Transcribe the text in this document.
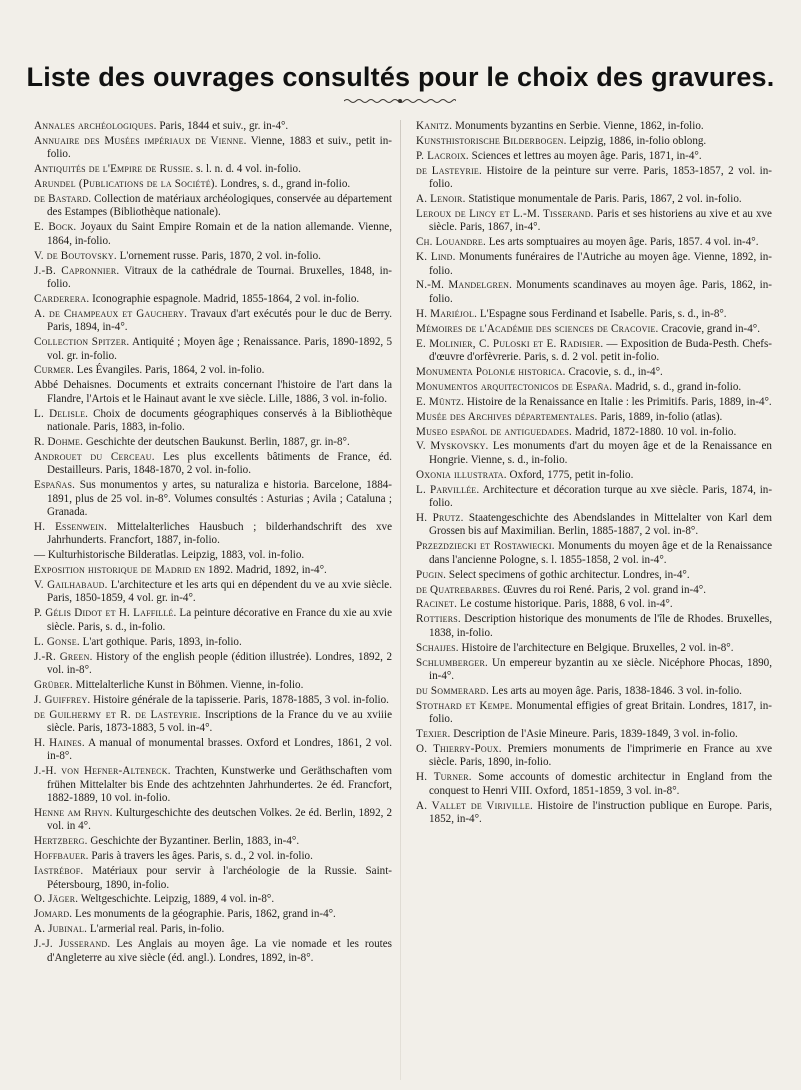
Liste des ouvrages consultés pour le choix des gravures.

Annales archéologiques. Paris, 1844 et suiv., gr. in-4°.

Annuaire des Musées impériaux de Vienne. Vienne, 1883 et suiv., petit in-folio.

Antiquités de l'Empire de Russie. s. l. n. d. 4 vol. in-folio.

Arundel (Publications de la Société). Londres, s. d., grand in-folio.

de Bastard. Collection de matériaux archéologiques, conservée au département des Estampes (Bibliothèque nationale).

E. Bock. Joyaux du Saint Empire Romain et de la nation allemande. Vienne, 1864, in-folio.

V. de Boutovsky. L'ornement russe. Paris, 1870, 2 vol. in-folio.

J.-B. Capronnier. Vitraux de la cathédrale de Tournai. Bruxelles, 1848, in-folio.

Carderera. Iconographie espagnole. Madrid, 1855-1864, 2 vol. in-folio.

A. de Champeaux et Gauchery. Travaux d'art exécutés pour le duc de Berry. Paris, 1894, in-4°.

Collection Spitzer. Antiquité ; Moyen âge ; Renaissance. Paris, 1890-1892, 5 vol. gr. in-folio.

Curmer. Les Évangiles. Paris, 1864, 2 vol. in-folio.

Abbé Dehaisnes. Documents et extraits concernant l'histoire de l'art dans la Flandre, l'Artois et le Hainaut avant le xve siècle. Lille, 1886, 3 vol. in-folio.

L. Delisle. Choix de documents géographiques conservés à la Bibliothèque nationale. Paris, 1883, in-folio.

R. Dohme. Geschichte der deutschen Baukunst. Berlin, 1887, gr. in-8°.

Androuet du Cerceau. Les plus excellents bâtiments de France, éd. Destailleurs. Paris, 1848-1870, 2 vol. in-folio.

Españas. Sus monumentos y artes, su naturaliza e historia. Barcelone, 1884-1891, plus de 25 vol. in-8°. Volumes consultés : Asturias ; Avila ; Cataluna ; Granada.

H. Essenwein. Mittelalterliches Hausbuch ; bilderhandschrift des xve Jahrhunderts. Francfort, 1887, in-folio.

— Kulturhistorische Bilderatlas. Leipzig, 1883, vol. in-folio.

Exposition historique de Madrid en 1892. Madrid, 1892, in-4°.

V. Gailhabaud. L'architecture et les arts qui en dépendent du ve au xvie siècle. Paris, 1850-1859, 4 vol. gr. in-4°.

P. Gélis Didot et H. Laffillé. La peinture décorative en France du xie au xvie siècle. Paris, s. d., in-folio.

L. Gonse. L'art gothique. Paris, 1893, in-folio.

J.-R. Green. History of the english people (édition illustrée). Londres, 1892, 2 vol. in-8°.

Grüber. Mittelalterliche Kunst in Böhmen. Vienne, in-folio.

J. Guiffrey. Histoire générale de la tapisserie. Paris, 1878-1885, 3 vol. in-folio.

de Guilhermy et R. de Lasteyrie. Inscriptions de la France du ve au xviiie siècle. Paris, 1873-1883, 5 vol. in-4°.

H. Haines. A manual of monumental brasses. Oxford et Londres, 1861, 2 vol. in-8°.

J.-H. von Hefner-Alteneck. Trachten, Kunstwerke und Geräthschaften vom frühen Mittelalter bis Ende des achtzehnten Jahrhundertes. 2e éd. Francfort, 1882-1889, 10 vol. in-folio.

Henne am Rhyn. Kulturgeschichte des deutschen Volkes. 2e éd. Berlin, 1892, 2 vol. in 4°.

Hertzberg. Geschichte der Byzantiner. Berlin, 1883, in-4°.

Hoffbauer. Paris à travers les âges. Paris, s. d., 2 vol. in-folio.

Iastrébof. Matériaux pour servir à l'archéologie de la Russie. Saint-Pétersbourg, 1890, in-folio.

O. Jäger. Weltgeschichte. Leipzig, 1889, 4 vol. in-8°.

Jomard. Les monuments de la géographie. Paris, 1862, grand in-4°.

A. Jubinal. L'armerial real. Paris, in-folio.

J.-J. Jusserand. Les Anglais au moyen âge. La vie nomade et les routes d'Angleterre au xive siècle (éd. angl.). Londres, 1892, in-8°.

Kanitz. Monuments byzantins en Serbie. Vienne, 1862, in-folio.

Kunsthistorische Bilderbogen. Leipzig, 1886, in-folio oblong.

P. Lacroix. Sciences et lettres au moyen âge. Paris, 1871, in-4°.

de Lasteyrie. Histoire de la peinture sur verre. Paris, 1853-1857, 2 vol. in-folio.

A. Lenoir. Statistique monumentale de Paris. Paris, 1867, 2 vol. in-folio.

Leroux de Lincy et L.-M. Tisserand. Paris et ses historiens au xive et au xve siècle. Paris, 1867, in-4°.

Ch. Louandre. Les arts somptuaires au moyen âge. Paris, 1857. 4 vol. in-4°.

K. Lind. Monuments funéraires de l'Autriche au moyen âge. Vienne, 1892, in-folio.

N.-M. Mandelgren. Monuments scandinaves au moyen âge. Paris, 1862, in-folio.

H. Mariéjol. L'Espagne sous Ferdinand et Isabelle. Paris, s. d., in-8°.

Mémoires de l'Académie des sciences de Cracovie. Cracovie, grand in-4°.

E. Molinier, C. Puloski et E. Radisier. — Exposition de Buda-Pesth. Chefs-d'œuvre d'orfèvrerie. Paris, s. d. 2 vol. petit in-folio.

Monumenta Poloniæ historica. Cracovie, s. d., in-4°.

Monumentos arquitectonicos de España. Madrid, s. d., grand in-folio.

E. Müntz. Histoire de la Renaissance en Italie : les Primitifs. Paris, 1889, in-4°.

Musée des Archives départementales. Paris, 1889, in-folio (atlas).

Museo español de antiguedades. Madrid, 1872-1880. 10 vol. in-folio.

V. Myskovsky. Les monuments d'art du moyen âge et de la Renaissance en Hongrie. Vienne, s. d., in-folio.

Oxonia illustrata. Oxford, 1775, petit in-folio.

L. Parvillée. Architecture et décoration turque au xve siècle. Paris, 1874, in-folio.

H. Prutz. Staatengeschichte des Abendslandes in Mittelalter von Karl dem Grossen bis auf Maximilian. Berlin, 1885-1887, 2 vol. in-8°.

Przezdziecki et Rostawiecki. Monuments du moyen âge et de la Renaissance dans l'ancienne Pologne, s. l. 1855-1858, 2 vol. in-4°.

Pugin. Select specimens of gothic architectur. Londres, in-4°.

de Quatrebarbes. Œuvres du roi René. Paris, 2 vol. grand in-4°.

Racinet. Le costume historique. Paris, 1888, 6 vol. in-4°.

Rottiers. Description historique des monuments de l'île de Rhodes. Bruxelles, 1838, in-folio.

Schaijes. Histoire de l'architecture en Belgique. Bruxelles, 2 vol. in-8°.

Schlumberger. Un empereur byzantin au xe siècle. Nicéphore Phocas, 1890, in-4°.

du Sommerard. Les arts au moyen âge. Paris, 1838-1846. 3 vol. in-folio.

Stothard et Kempe. Monumental effigies of great Britain. Londres, 1817, in-folio.

Texier. Description de l'Asie Mineure. Paris, 1839-1849, 3 vol. in-folio.

O. Thierry-Poux. Premiers monuments de l'imprimerie en France au xve siècle. Paris, 1890, in-folio.

H. Turner. Some accounts of domestic architectur in England from the conquest to Henri VIII. Oxford, 1851-1859, 3 vol. in-8°.

A. Vallet de Viriville. Histoire de l'instruction publique en Europe. Paris, 1852, in-4°.
